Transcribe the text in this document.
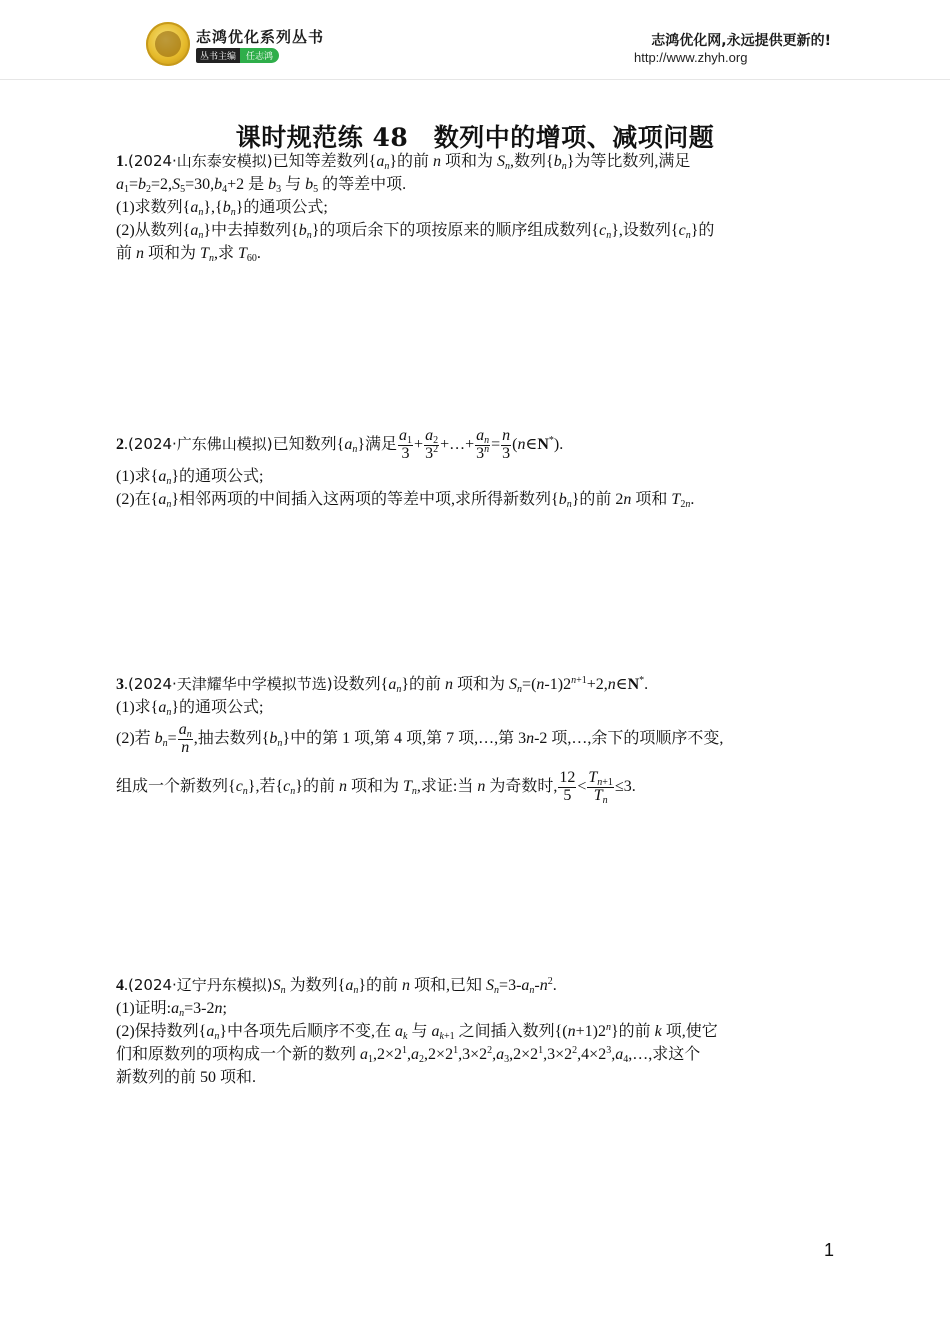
志鸿优化系列丛书
丛书主编 任志鸿
志鸿优化网,永远提供更新的!
http://www.zhyh.org
课时规范练 48　数列中的增项、减项问题

1.(2024·山东泰安模拟)已知等差数列$\{a_n\}$的前 n 项和为 $S_n$,数列$\{b_n\}$为等比数列,满足

$a_1=b_2=2,S_5=30,b_4+2$ 是 $b_3$ 与 $b_5$ 的等差中项.

(1)求数列$\{a_n\},\{b_n\}$的通项公式;

(2)从数列$\{a_n\}$中去掉数列$\{b_n\}$的项后余下的项按原来的顺序组成数列$\{c_n\}$,设数列$\{c_n\}$的

前 n 项和为 $T_n$,求 $T_{60}$.

2.(2024·广东佛山模拟)已知数列$\{a_n\}$满足 $\frac{a_1}{3} + \frac{a_2}{3^2}$ +…+ $\frac{a_n}{3^n} = \frac{n}{3}$ (n∈N*).

(1)求$\{a_n\}$的通项公式;

(2)在$\{a_n\}$相邻两项的中间插入这两项的等差中项,求所得新数列$\{b_n\}$的前 2n 项和 $T_{2n}$.

3.(2024·天津耀华中学模拟节选)设数列$\{a_n\}$的前 n 项和为 $S_n=(n-1)2^{n+1}+2,n\in N^*$.

(1)求$\{a_n\}$的通项公式;

(2)若 $b_n= \frac{a_n}{n}$ ,抽去数列$\{b_n\}$中的第 1 项,第 4 项,第 7 项,…,第 3n-2 项,…,余下的项顺序不变,

组成一个新数列$\{c_n\}$,若$\{c_n\}$的前 n 项和为 $T_n$,求证:当 n 为奇数时, $\frac{12}{5} < \frac{T_{n+1}}{T_n} \le 3$.

4.(2024·辽宁丹东模拟)$S_n$ 为数列$\{a_n\}$的前 n 项和,已知 $S_n=3-a_n-n^2$.

(1)证明$:a_n=3-2n$;

(2)保持数列$\{a_n\}$中各项先后顺序不变,在 $a_k$ 与 $a_{k+1}$ 之间插入数列$\{(n+1)2^n\}$的前 k 项,使它

们和原数列的项构成一个新的数列 $a_1,2\times 2^1,a_2,2\times 2^1,3\times 2^2,a_3,2\times 2^1,3\times 2^2,4\times 2^3,a_4,\dots$,求这个

新数列的前 50 项和.

1
